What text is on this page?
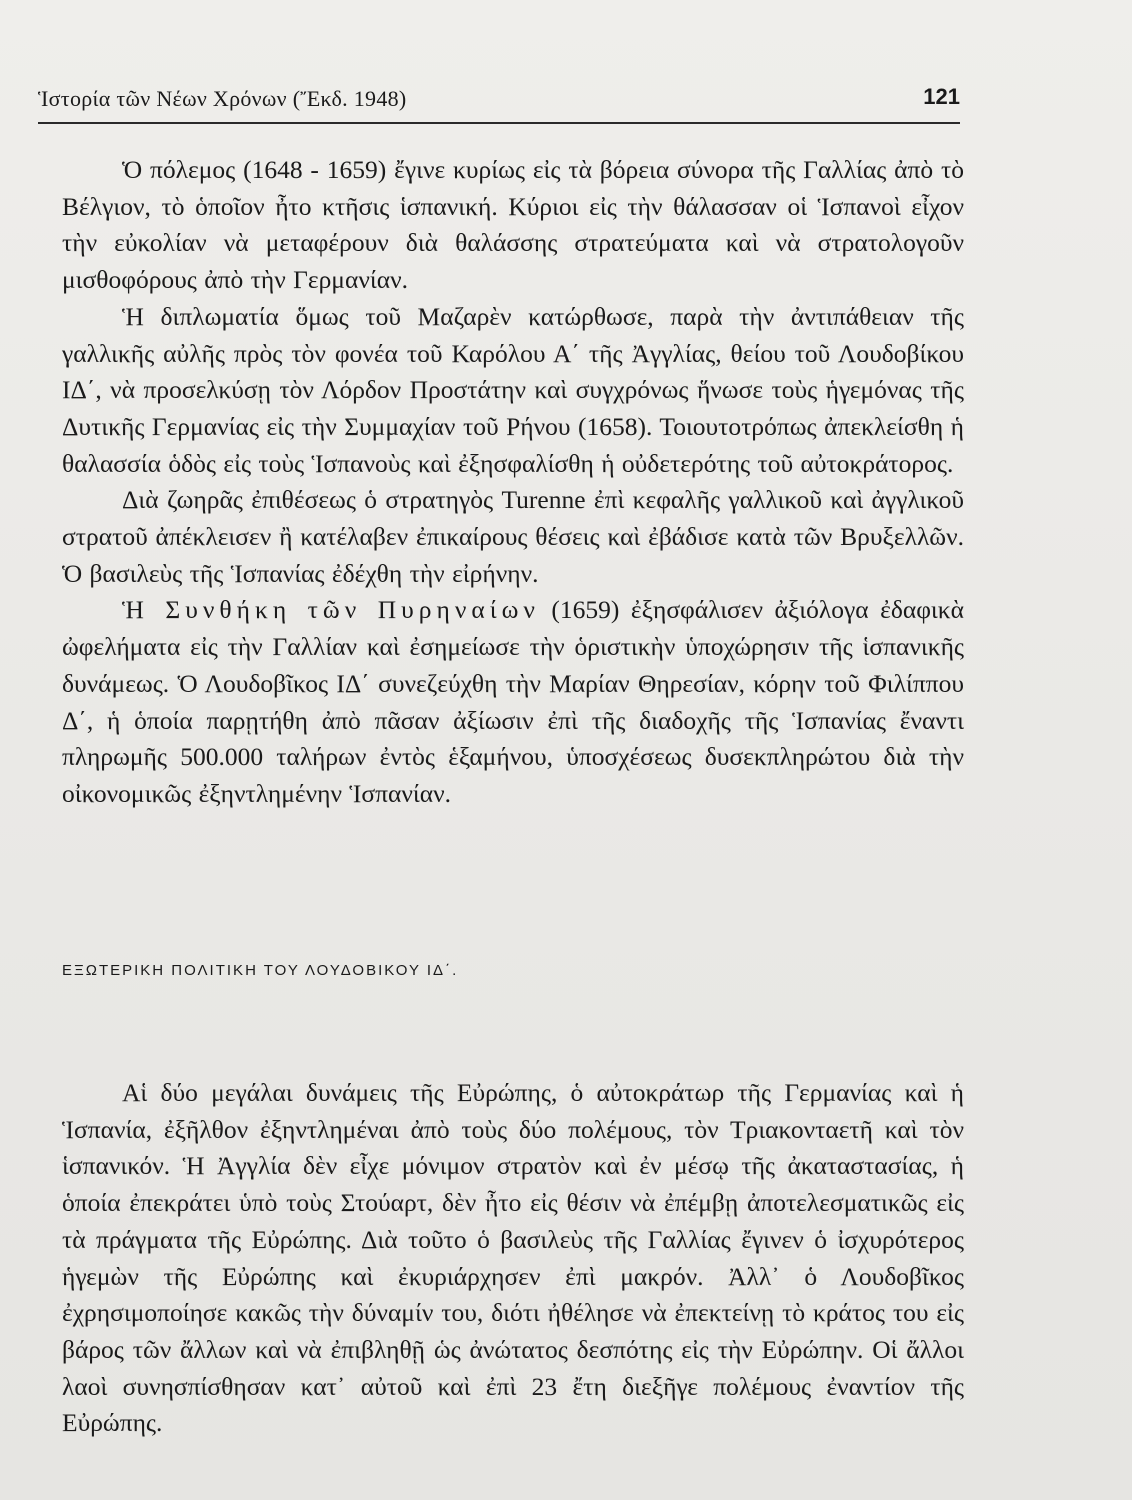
Ἱστορία τῶν Νέων Χρόνων (Ἔκδ. 1948)	121

Ὁ πόλεμος (1648 - 1659) ἔγινε κυρίως εἰς τὰ βόρεια σύνορα τῆς Γαλλίας ἀπὸ τὸ Βέλγιον, τὸ ὁποῖον ἦτο κτῆσις ἱσπανική. Κύριοι εἰς τὴν θάλασσαν οἱ Ἱσπανοὶ εἶχον τὴν εὐκολίαν νὰ μεταφέρουν διὰ θαλάσσης στρατεύματα καὶ νὰ στρατολογοῦν μισθοφόρους ἀπὸ τὴν Γερμανίαν.

Ἡ διπλωματία ὅμως τοῦ Μαζαρὲν κατώρθωσε, παρὰ τὴν ἀντιπάθειαν τῆς γαλλικῆς αὐλῆς πρὸς τὸν φονέα τοῦ Καρόλου Α΄ τῆς Ἀγγλίας, θείου τοῦ Λουδοβίκου ΙΔ΄, νὰ προσελκύσῃ τὸν Λόρδον Προστάτην καὶ συγχρόνως ἥνωσε τοὺς ἡγεμόνας τῆς Δυτικῆς Γερμανίας εἰς τὴν Συμμαχίαν τοῦ Ρήνου (1658). Τοιουτοτρόπως ἀπεκλείσθη ἡ θαλασσία ὁδὸς εἰς τοὺς Ἱσπανοὺς καὶ ἐξησφαλίσθη ἡ οὐδετερότης τοῦ αὐτοκράτορος.

Διὰ ζωηρᾶς ἐπιθέσεως ὁ στρατηγὸς Turenne ἐπὶ κεφαλῆς γαλλικοῦ καὶ ἀγγλικοῦ στρατοῦ ἀπέκλεισεν ἢ κατέλαβεν ἐπικαίρους θέσεις καὶ ἐβάδισε κατὰ τῶν Βρυξελλῶν. Ὁ βασιλεὺς τῆς Ἱσπανίας ἐδέχθη τὴν εἰρήνην.

Ἡ Συνθήκη τῶν Πυρηναίων (1659) ἐξησφάλισεν ἀξιόλογα ἐδαφικὰ ὠφελήματα εἰς τὴν Γαλλίαν καὶ ἐσημείωσε τὴν ὁριστικὴν ὑποχώρησιν τῆς ἱσπανικῆς δυνάμεως. Ὁ Λουδοβῖκος ΙΔ΄ συνεζεύχθη τὴν Μαρίαν Θηρεσίαν, κόρην τοῦ Φιλίππου Δ΄, ἡ ὁποία παρῃτήθη ἀπὸ πᾶσαν ἀξίωσιν ἐπὶ τῆς διαδοχῆς τῆς Ἱσπανίας ἔναντι πληρωμῆς 500.000 ταλήρων ἐντὸς ἑξαμήνου, ὑποσχέσεως δυσεκπληρώτου διὰ τὴν οἰκονομικῶς ἐξηντλημένην Ἱσπανίαν.

ΕΞΩΤΕΡΙΚΗ ΠΟΛΙΤΙΚΗ ΤΟΥ ΛΟΥΔΟΒΙΚΟΥ ΙΔ΄.

Αἱ δύο μεγάλαι δυνάμεις τῆς Εὐρώπης, ὁ αὐτοκράτωρ τῆς Γερμανίας καὶ ἡ Ἱσπανία, ἐξῆλθον ἐξηντλημέναι ἀπὸ τοὺς δύο πολέμους, τὸν Τριακονταετῆ καὶ τὸν ἱσπανικόν. Ἡ Ἀγγλία δὲν εἶχε μόνιμον στρατὸν καὶ ἐν μέσῳ τῆς ἀκαταστασίας, ἡ ὁποία ἐπεκράτει ὑπὸ τοὺς Στούαρτ, δὲν ἦτο εἰς θέσιν νὰ ἐπέμβῃ ἀποτελεσματικῶς εἰς τὰ πράγματα τῆς Εὐρώπης. Διὰ τοῦτο ὁ βασιλεὺς τῆς Γαλλίας ἔγινεν ὁ ἰσχυρότερος ἡγεμὼν τῆς Εὐρώπης καὶ ἐκυριάρχησεν ἐπὶ μακρόν. Ἀλλ᾽ ὁ Λουδοβῖκος ἐχρησιμοποίησε κακῶς τὴν δύναμίν του, διότι ἠθέλησε νὰ ἐπεκτείνῃ τὸ κράτος του εἰς βάρος τῶν ἄλλων καὶ νὰ ἐπιβληθῇ ὡς ἀνώτατος δεσπότης εἰς τὴν Εὐρώπην. Οἱ ἄλλοι λαοὶ συνησπίσθησαν κατ᾽ αὐτοῦ καὶ ἐπὶ 23 ἔτη διεξῆγε πολέμους ἐναντίον τῆς Εὐρώπης.
